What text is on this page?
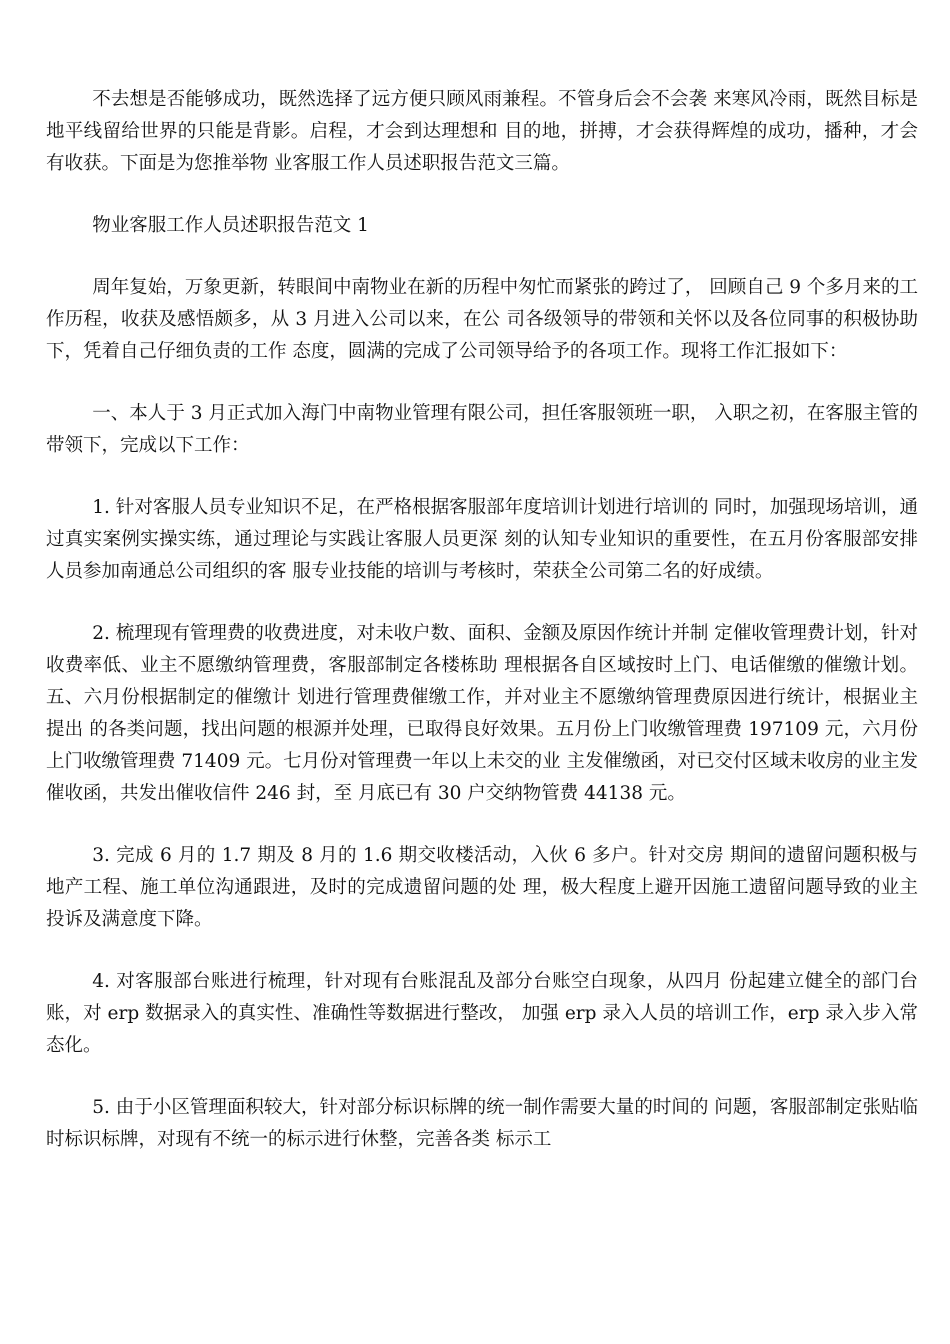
不去想是否能够成功，既然选择了远方便只顾风雨兼程。不管身后会不会袭 来寒风冷雨，既然目标是地平线留给世界的只能是背影。启程，才会到达理想和 目的地，拼搏，才会获得辉煌的成功，播种，才会有收获。下面是为您推举物 业客服工作人员述职报告范文三篇。

物业客服工作人员述职报告范文 1

周年复始，万象更新，转眼间中南物业在新的历程中匆忙而紧张的跨过了， 回顾自己 9 个多月来的工作历程，收获及感悟颇多，从 3 月进入公司以来，在公 司各级领导的带领和关怀以及各位同事的积极协助下，凭着自己仔细负责的工作 态度，圆满的完成了公司领导给予的各项工作。现将工作汇报如下：

一、本人于 3 月正式加入海门中南物业管理有限公司，担任客服领班一职， 入职之初，在客服主管的带领下，完成以下工作：

1. 针对客服人员专业知识不足，在严格根据客服部年度培训计划进行培训的 同时，加强现场培训，通过真实案例实操实练，通过理论与实践让客服人员更深 刻的认知专业知识的重要性，在五月份客服部安排人员参加南通总公司组织的客 服专业技能的培训与考核时，荣获全公司第二名的好成绩。

2. 梳理现有管理费的收费进度，对未收户数、面积、金额及原因作统计并制 定催收管理费计划，针对收费率低、业主不愿缴纳管理费，客服部制定各楼栋助 理根据各自区域按时上门、电话催缴的催缴计划。五、六月份根据制定的催缴计 划进行管理费催缴工作，并对业主不愿缴纳管理费原因进行统计，根据业主提出 的各类问题，找出问题的根源并处理，已取得良好效果。五月份上门收缴管理费 197109 元，六月份上门收缴管理费 71409 元。七月份对管理费一年以上未交的业 主发催缴函，对已交付区域未收房的业主发催收函，共发出催收信件 246 封，至 月底已有 30 户交纳物管费 44138 元。

3. 完成 6 月的 1.7 期及 8 月的 1.6 期交收楼活动，入伙 6 多户。针对交房 期间的遗留问题积极与地产工程、施工单位沟通跟进，及时的完成遗留问题的处 理，极大程度上避开因施工遗留问题导致的业主投诉及满意度下降。

4. 对客服部台账进行梳理，针对现有台账混乱及部分台账空白现象，从四月 份起建立健全的部门台账，对 erp 数据录入的真实性、准确性等数据进行整改， 加强 erp 录入人员的培训工作，erp 录入步入常态化。

5. 由于小区管理面积较大，针对部分标识标牌的统一制作需要大量的时间的 问题，客服部制定张贴临时标识标牌，对现有不统一的标示进行休整，完善各类 标示工
